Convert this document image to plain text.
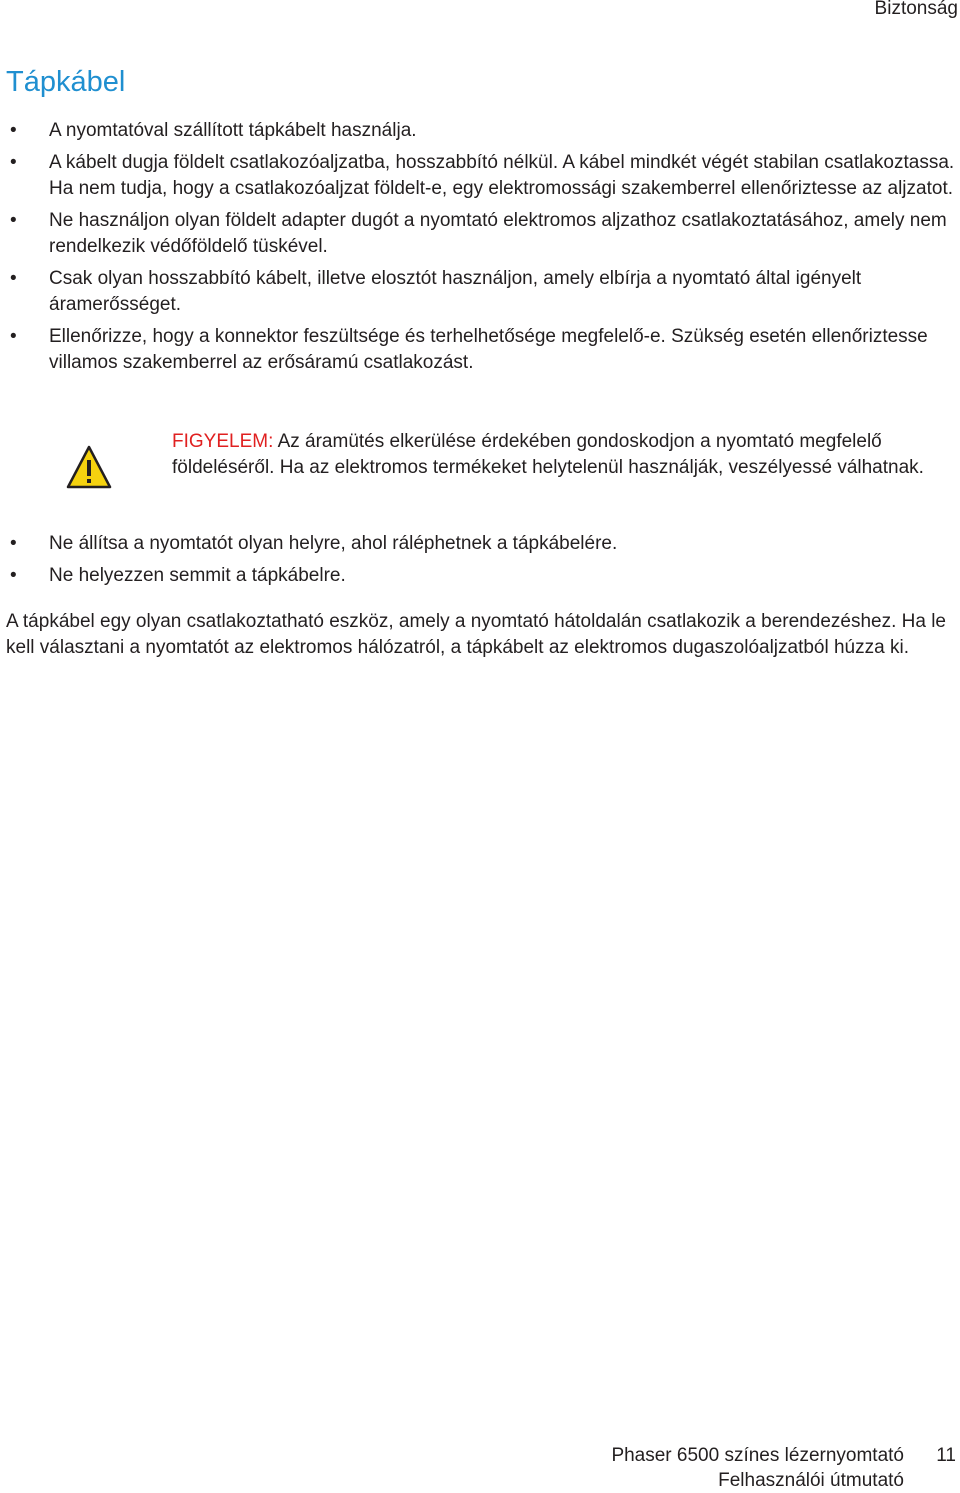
Biztonság
Tápkábel
• A nyomtatóval szállított tápkábelt használja.
• A kábelt dugja földelt csatlakozóaljzatba, hosszabbító nélkül. A kábel mindkét végét stabilan csatlakoztassa. Ha nem tudja, hogy a csatlakozóaljzat földelt-e, egy elektromossági szakemberrel ellenőriztesse az aljzatot.
• Ne használjon olyan földelt adapter dugót a nyomtató elektromos aljzathoz csatlakoztatásához, amely nem rendelkezik védőföldelő tüskével.
• Csak olyan hosszabbító kábelt, illetve elosztót használjon, amely elbírja a nyomtató által igényelt áramerősséget.
• Ellenőrizze, hogy a konnektor feszültsége és terhelhetősége megfelelő-e. Szükség esetén ellenőriztesse villamos szakemberrel az erősáramú csatlakozást.
FIGYELEM: Az áramütés elkerülése érdekében gondoskodjon a nyomtató megfelelő földeléséről. Ha az elektromos termékeket helytelenül használják, veszélyessé válhatnak.
• Ne állítsa a nyomtatót olyan helyre, ahol ráléphetnek a tápkábelére.
• Ne helyezzen semmit a tápkábelre.

A tápkábel egy olyan csatlakoztatható eszköz, amely a nyomtató hátoldalán csatlakozik a berendezéshez. Ha le kell választani a nyomtatót az elektromos hálózatról, a tápkábelt az elektromos dugaszolóaljzatból húzza ki.

Phaser 6500 színes lézernyomtató
Felhasználói útmutató
11
